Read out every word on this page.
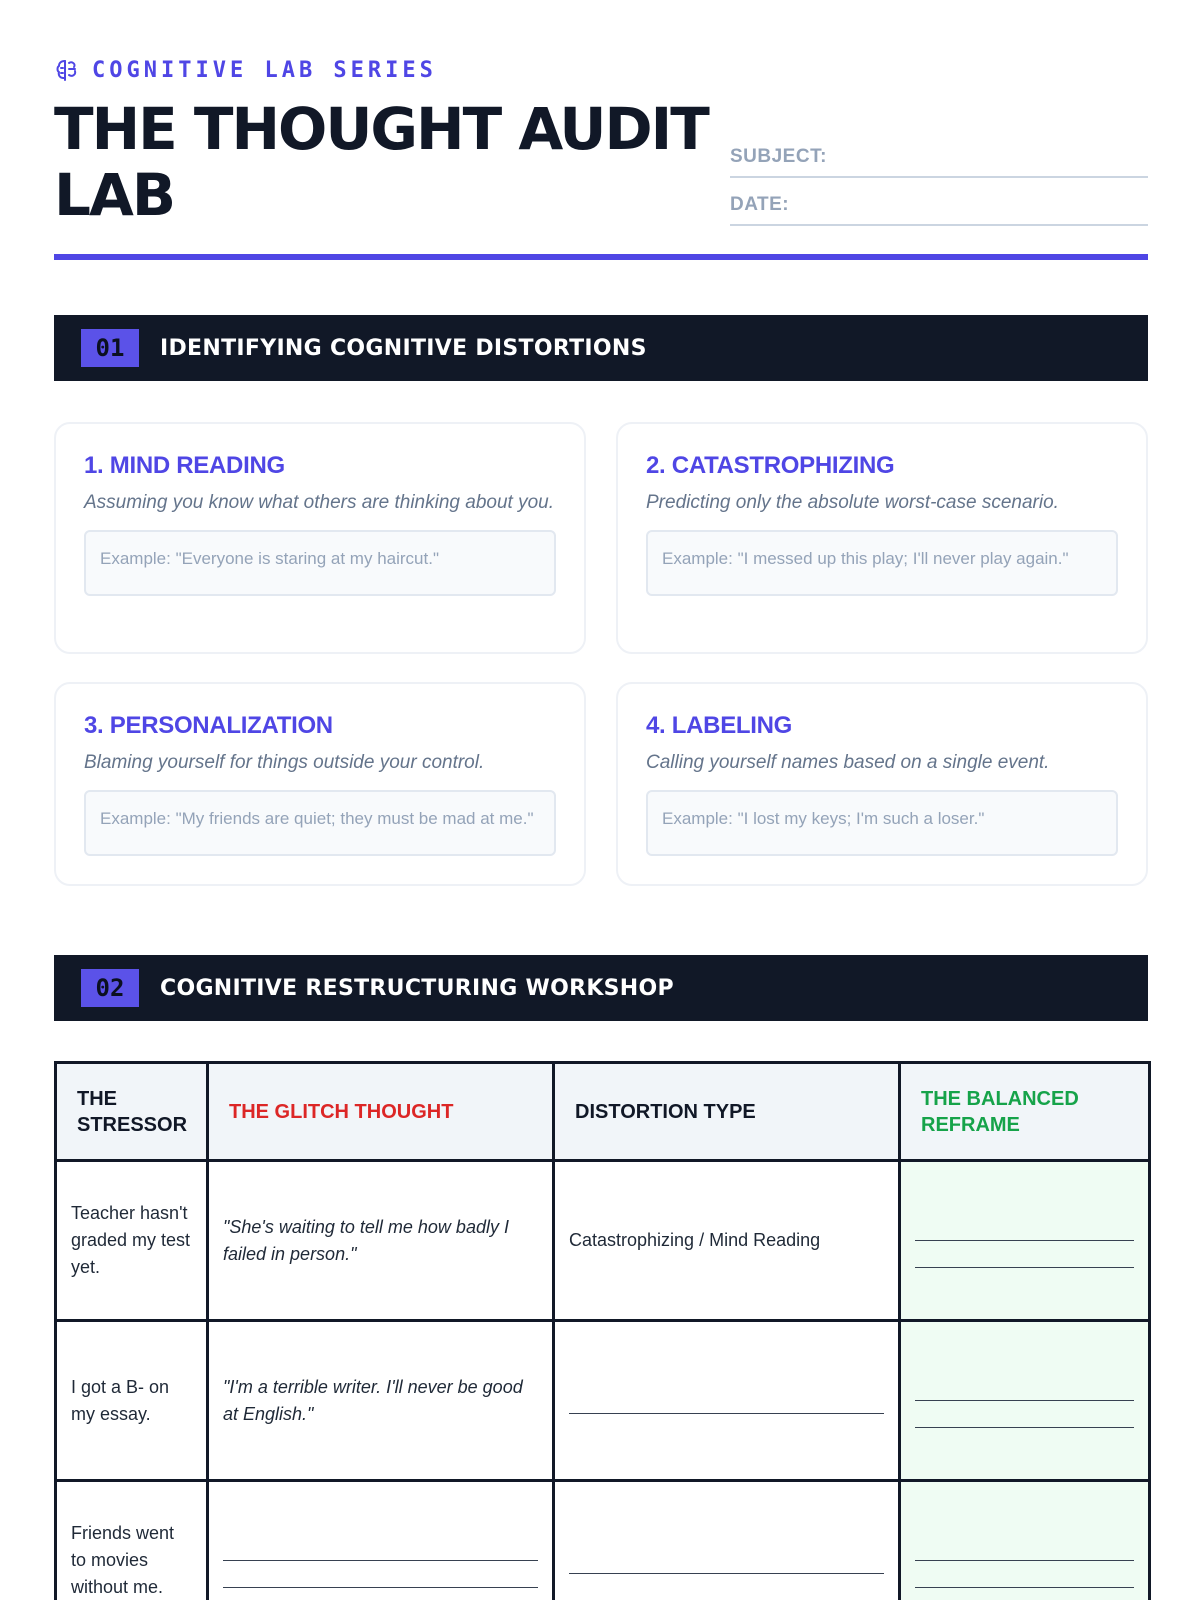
COGNITIVE LAB SERIES
THE THOUGHT AUDIT LAB
SUBJECT:
DATE:
01	IDENTIFYING COGNITIVE DISTORTIONS
1. MIND READING
Assuming you know what others are thinking about you.
Example: "Everyone is staring at my haircut."
2. CATASTROPHIZING
Predicting only the absolute worst-case scenario.
Example: "I messed up this play; I'll never play again."
3. PERSONALIZATION
Blaming yourself for things outside your control.
Example: "My friends are quiet; they must be mad at me."
4. LABELING
Calling yourself names based on a single event.
Example: "I lost my keys; I'm such a loser."
02	COGNITIVE RESTRUCTURING WORKSHOP
THE STRESSOR	THE GLITCH THOUGHT	DISTORTION TYPE	THE BALANCED REFRAME
Teacher hasn't graded my test yet.	"She's waiting to tell me how badly I failed in person."	Catastrophizing / Mind Reading	

I got a B- on my essay.	"I'm a terrible writer. I'll never be good at English."	

Friends went to movies without me.	
